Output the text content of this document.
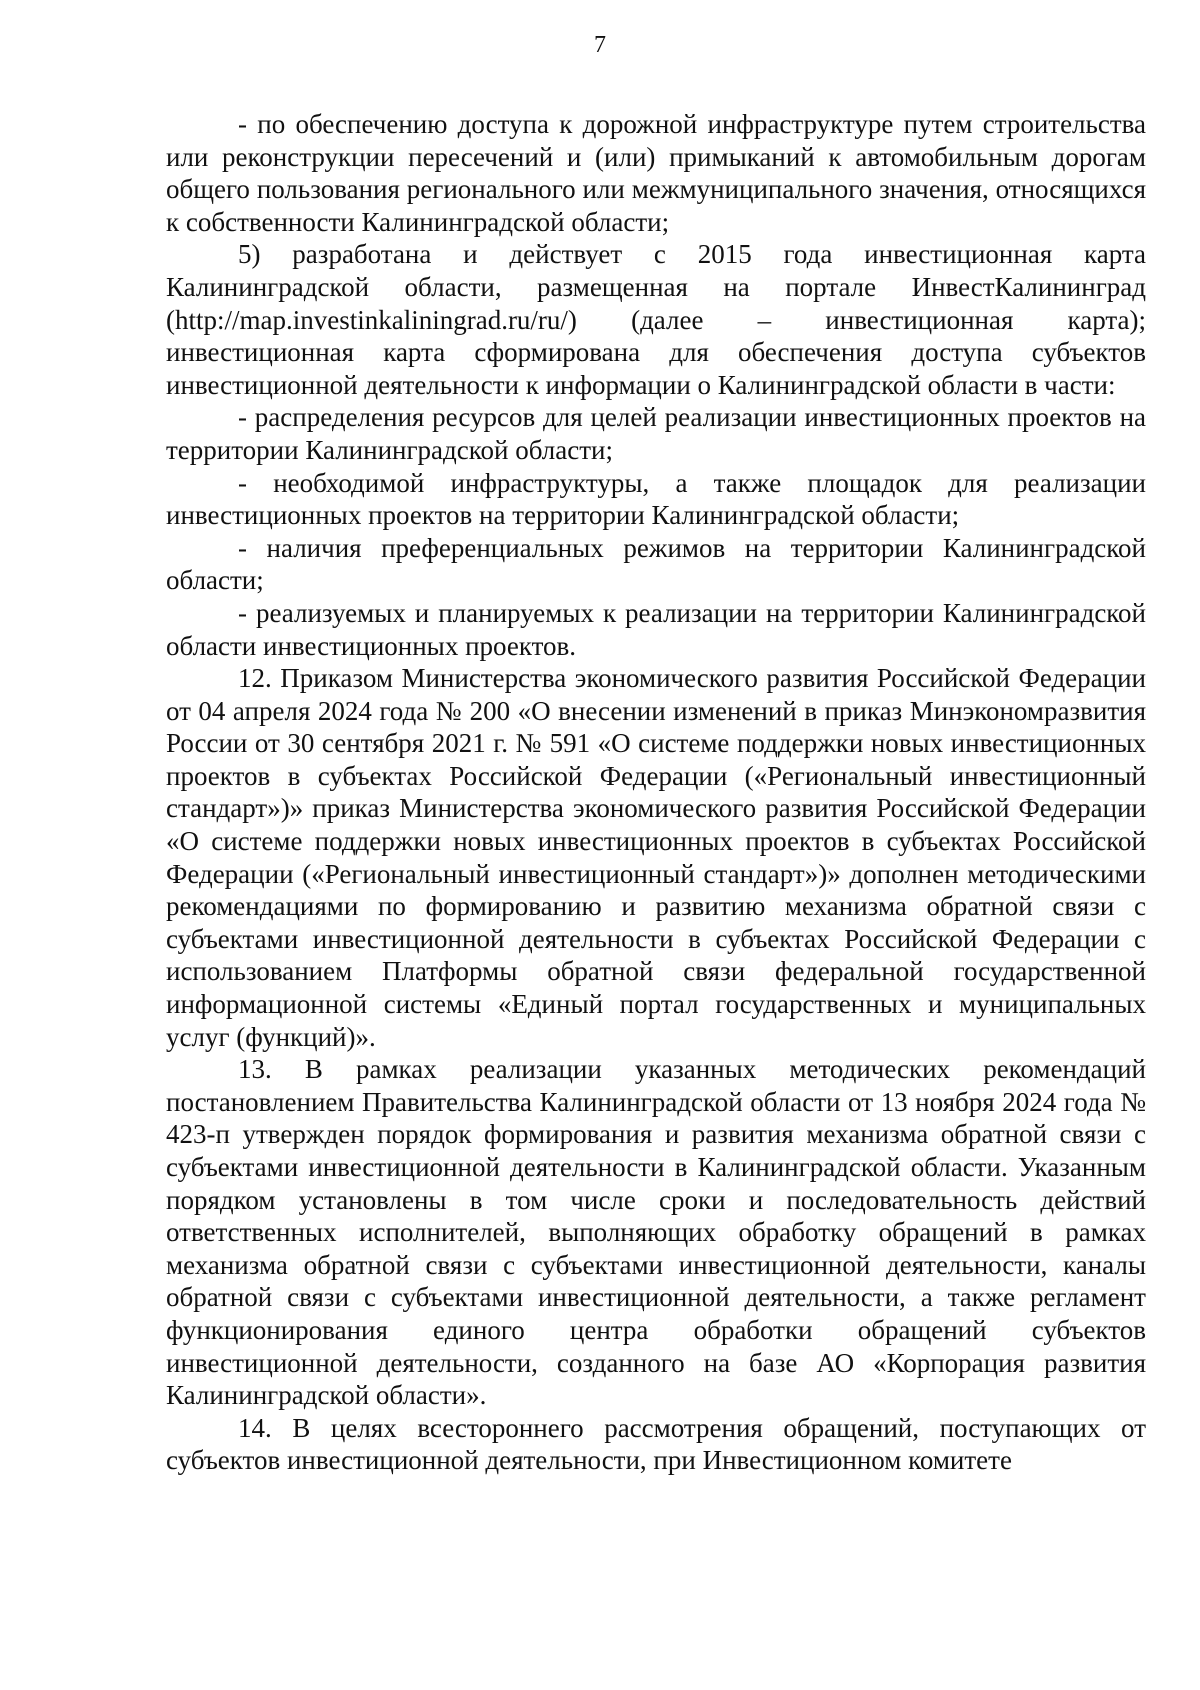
7

- по обеспечению доступа к дорожной инфраструктуре путем строительства или реконструкции пересечений и (или) примыканий к автомобильным дорогам общего пользования регионального или межмуниципального значения, относящихся к собственности Калининградской области;

5) разработана и действует с 2015 года инвестиционная карта Калининградской области, размещенная на портале ИнвестКалининград (http://map.investinkaliningrad.ru/ru/) (далее – инвестиционная карта); инвестиционная карта сформирована для обеспечения доступа субъектов инвестиционной деятельности к информации о Калининградской области в части:

- распределения ресурсов для целей реализации инвестиционных проектов на территории Калининградской области;

- необходимой инфраструктуры, а также площадок для реализации инвестиционных проектов на территории Калининградской области;

- наличия преференциальных режимов на территории Калининградской области;

- реализуемых и планируемых к реализации на территории Калининградской области инвестиционных проектов.

12. Приказом Министерства экономического развития Российской Федерации от 04 апреля 2024 года № 200 «О внесении изменений в приказ Минэкономразвития России от 30 сентября 2021 г. № 591 «О системе поддержки новых инвестиционных проектов в субъектах Российской Федерации («Региональный инвестиционный стандарт»)» приказ Министерства экономического развития Российской Федерации «О системе поддержки новых инвестиционных проектов в субъектах Российской Федерации («Региональный инвестиционный стандарт»)» дополнен методическими рекомендациями по формированию и развитию механизма обратной связи с субъектами инвестиционной деятельности в субъектах Российской Федерации с использованием Платформы обратной связи федеральной государственной информационной системы «Единый портал государственных и муниципальных услуг (функций)».

13. В рамках реализации указанных методических рекомендаций постановлением Правительства Калининградской области от 13 ноября 2024 года № 423-п утвержден порядок формирования и развития механизма обратной связи с субъектами инвестиционной деятельности в Калининградской области. Указанным порядком установлены в том числе сроки и последовательность действий ответственных исполнителей, выполняющих обработку обращений в рамках механизма обратной связи с субъектами инвестиционной деятельности, каналы обратной связи с субъектами инвестиционной деятельности, а также регламент функционирования единого центра обработки обращений субъектов инвестиционной деятельности, созданного на базе АО «Корпорация развития Калининградской области».

14. В целях всестороннего рассмотрения обращений, поступающих от субъектов инвестиционной деятельности, при Инвестиционном комитете
